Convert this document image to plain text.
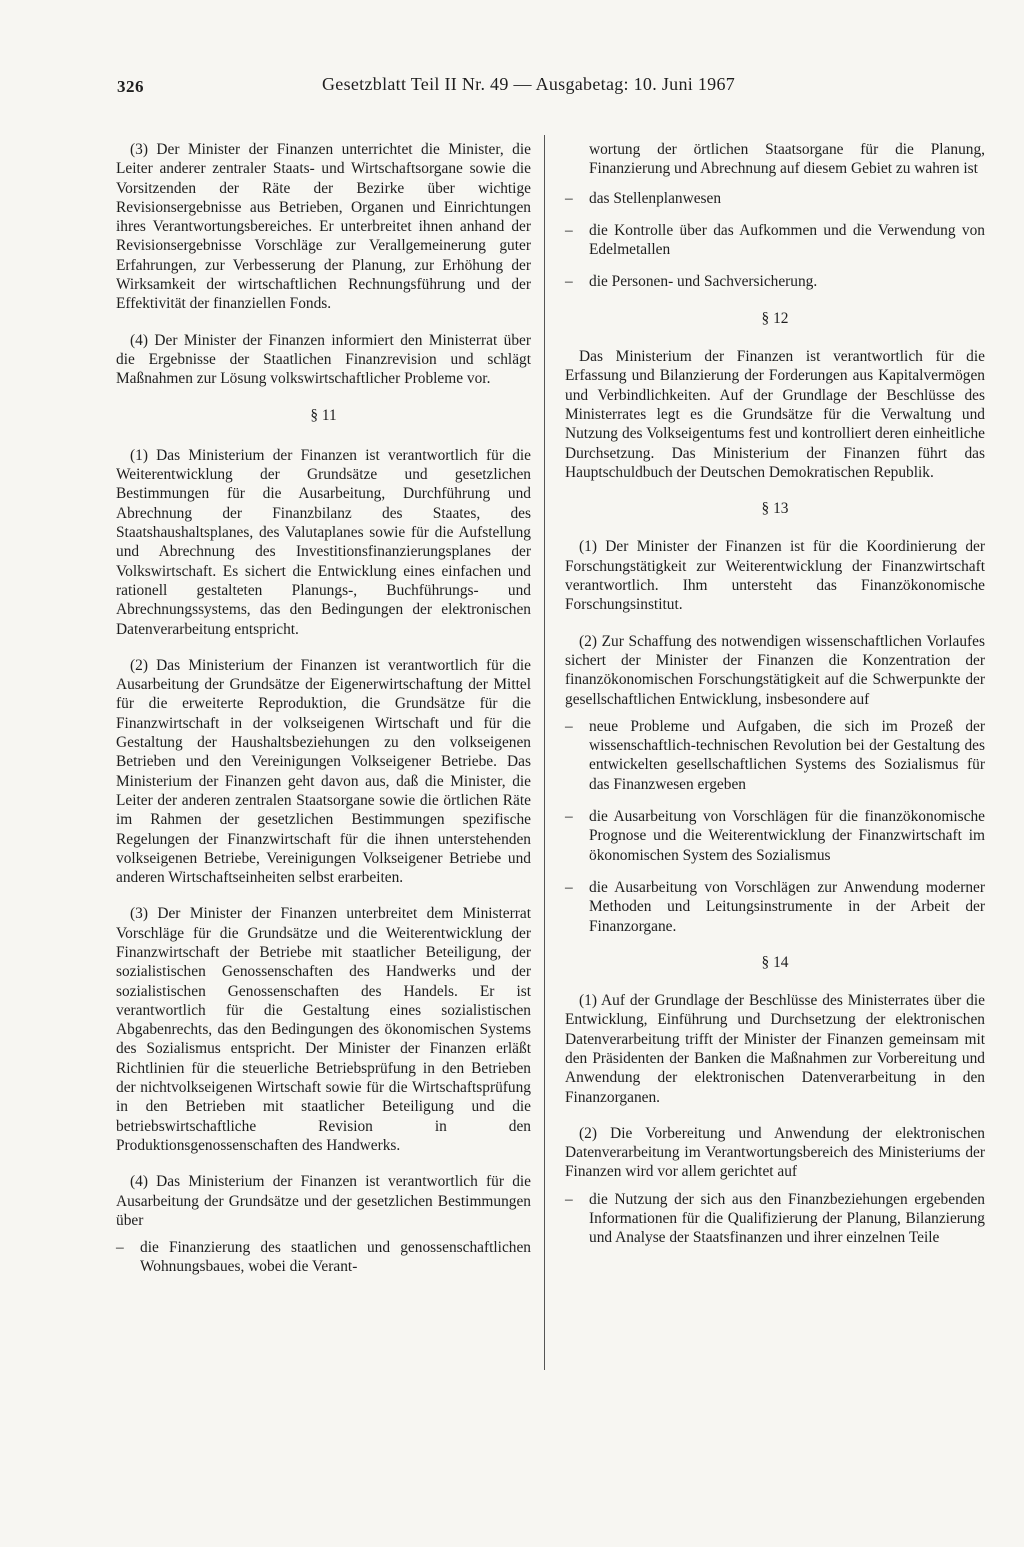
326	Gesetzblatt Teil II Nr. 49 — Ausgabetag: 10. Juni 1967

(3) Der Minister der Finanzen unterrichtet die Minister, die Leiter anderer zentraler Staats- und Wirtschaftsorgane sowie die Vorsitzenden der Räte der Bezirke über wichtige Revisionsergebnisse aus Betrieben, Organen und Einrichtungen ihres Verantwortungsbereiches. Er unterbreitet ihnen anhand der Revisionsergebnisse Vorschläge zur Verallgemeinerung guter Erfahrungen, zur Verbesserung der Planung, zur Erhöhung der Wirksamkeit der wirtschaftlichen Rechnungsführung und der Effektivität der finanziellen Fonds.

(4) Der Minister der Finanzen informiert den Ministerrat über die Ergebnisse der Staatlichen Finanzrevision und schlägt Maßnahmen zur Lösung volkswirtschaftlicher Probleme vor.

§ 11

(1) Das Ministerium der Finanzen ist verantwortlich für die Weiterentwicklung der Grundsätze und gesetzlichen Bestimmungen für die Ausarbeitung, Durchführung und Abrechnung der Finanzbilanz des Staates, des Staatshaushaltsplanes, des Valutaplanes sowie für die Aufstellung und Abrechnung des Investitionsfinanzierungsplanes der Volkswirtschaft. Es sichert die Entwicklung eines einfachen und rationell gestalteten Planungs-, Buchführungs- und Abrechnungssystems, das den Bedingungen der elektronischen Datenverarbeitung entspricht.

(2) Das Ministerium der Finanzen ist verantwortlich für die Ausarbeitung der Grundsätze der Eigenerwirtschaftung der Mittel für die erweiterte Reproduktion, die Grundsätze für die Finanzwirtschaft in der volkseigenen Wirtschaft und für die Gestaltung der Haushaltsbeziehungen zu den volkseigenen Betrieben und den Vereinigungen Volkseigener Betriebe. Das Ministerium der Finanzen geht davon aus, daß die Minister, die Leiter der anderen zentralen Staatsorgane sowie die örtlichen Räte im Rahmen der gesetzlichen Bestimmungen spezifische Regelungen der Finanzwirtschaft für die ihnen unterstehenden volkseigenen Betriebe, Vereinigungen Volkseigener Betriebe und anderen Wirtschaftseinheiten selbst erarbeiten.

(3) Der Minister der Finanzen unterbreitet dem Ministerrat Vorschläge für die Grundsätze und die Weiterentwicklung der Finanzwirtschaft der Betriebe mit staatlicher Beteiligung, der sozialistischen Genossenschaften des Handwerks und der sozialistischen Genossenschaften des Handels. Er ist verantwortlich für die Gestaltung eines sozialistischen Abgabenrechts, das den Bedingungen des ökonomischen Systems des Sozialismus entspricht. Der Minister der Finanzen erläßt Richtlinien für die steuerliche Betriebsprüfung in den Betrieben der nichtvolkseigenen Wirtschaft sowie für die Wirtschaftsprüfung in den Betrieben mit staatlicher Beteiligung und die betriebswirtschaftliche Revision in den Produktionsgenossenschaften des Handwerks.

(4) Das Ministerium der Finanzen ist verantwortlich für die Ausarbeitung der Grundsätze und der gesetzlichen Bestimmungen über

–	die Finanzierung des staatlichen und genossenschaftlichen Wohnungsbaues, wobei die Verant-

wortung der örtlichen Staatsorgane für die Planung, Finanzierung und Abrechnung auf diesem Gebiet zu wahren ist

–	das Stellenplanwesen
–	die Kontrolle über das Aufkommen und die Verwendung von Edelmetallen
–	die Personen- und Sachversicherung.
§ 12

Das Ministerium der Finanzen ist verantwortlich für die Erfassung und Bilanzierung der Forderungen aus Kapitalvermögen und Verbindlichkeiten. Auf der Grundlage der Beschlüsse des Ministerrates legt es die Grundsätze für die Verwaltung und Nutzung des Volkseigentums fest und kontrolliert deren einheitliche Durchsetzung. Das Ministerium der Finanzen führt das Hauptschuldbuch der Deutschen Demokratischen Republik.

§ 13

(1) Der Minister der Finanzen ist für die Koordinierung der Forschungstätigkeit zur Weiterentwicklung der Finanzwirtschaft verantwortlich. Ihm untersteht das Finanzökonomische Forschungsinstitut.

(2) Zur Schaffung des notwendigen wissenschaftlichen Vorlaufes sichert der Minister der Finanzen die Konzentration der finanzökonomischen Forschungstätigkeit auf die Schwerpunkte der gesellschaftlichen Entwicklung, insbesondere auf

–	neue Probleme und Aufgaben, die sich im Prozeß der wissenschaftlich-technischen Revolution bei der Gestaltung des entwickelten gesellschaftlichen Systems des Sozialismus für das Finanzwesen ergeben
–	die Ausarbeitung von Vorschlägen für die finanzökonomische Prognose und die Weiterentwicklung der Finanzwirtschaft im ökonomischen System des Sozialismus
–	die Ausarbeitung von Vorschlägen zur Anwendung moderner Methoden und Leitungsinstrumente in der Arbeit der Finanzorgane.
§ 14

(1) Auf der Grundlage der Beschlüsse des Ministerrates über die Entwicklung, Einführung und Durchsetzung der elektronischen Datenverarbeitung trifft der Minister der Finanzen gemeinsam mit den Präsidenten der Banken die Maßnahmen zur Vorbereitung und Anwendung der elektronischen Datenverarbeitung in den Finanzorganen.

(2) Die Vorbereitung und Anwendung der elektronischen Datenverarbeitung im Verantwortungsbereich des Ministeriums der Finanzen wird vor allem gerichtet auf

–	die Nutzung der sich aus den Finanzbeziehungen ergebenden Informationen für die Qualifizierung der Planung, Bilanzierung und Analyse der Staatsfinanzen und ihrer einzelnen Teile
